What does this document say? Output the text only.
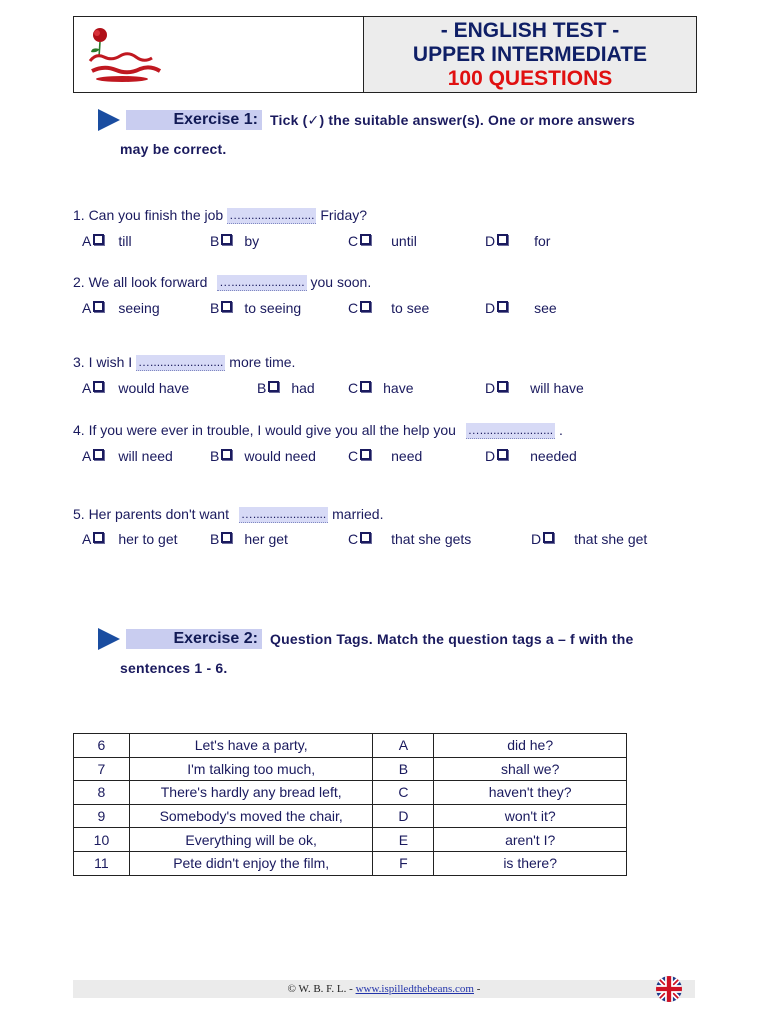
- ENGLISH TEST -
UPPER INTERMEDIATE
100 QUESTIONS
Exercise 1: Tick (✓) the suitable answer(s). One or more answers
may be correct.
1. Can you finish the job …...................... Friday?
A till	B by	C until	D	for
2. We all look forward …...................... you soon.
A seeing	B to seeing	C to see	D	see
3. I wish I …...................... more time.
A would have	B had C have	D	will have
4. If you were ever in trouble, I would give you all the help you …...................... .
A will need	B would need C need	D	needed
5. Her parents don't want …...................... married.
A her to get B her get	C that she gets	D that she get
Exercise 2: Question Tags. Match the question tags a – f with the
sentences 1 - 6.
6	Let's have a party,	A	did he?
7	I'm talking too much,	B	shall we?
8	There's hardly any bread left,	C	haven't they?
9	Somebody's moved the chair,	D	won't it?
10	Everything will be ok,	E	aren't I?
11	Pete didn't enjoy the film,	F	is there?
© W. B. F. L. - www.ispilledthebeans.com -
